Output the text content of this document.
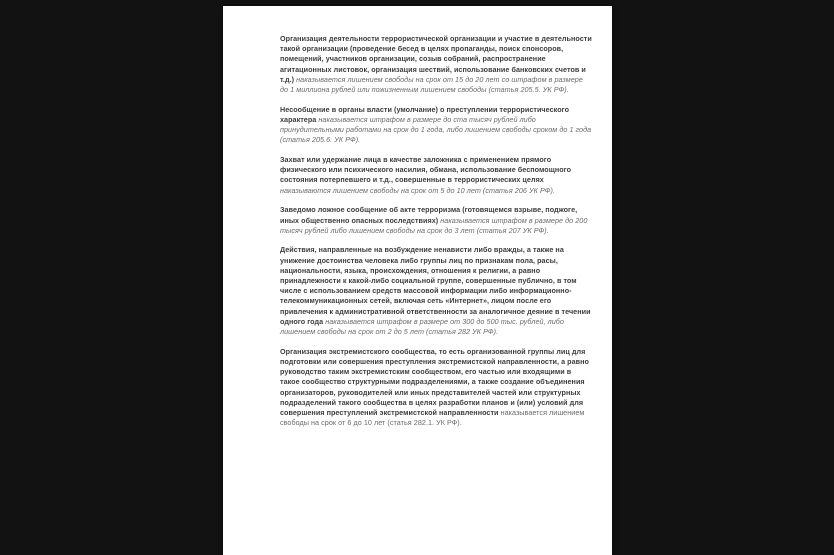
Организация деятельности террористической организации и участие в деятельности такой организации (проведение бесед в целях пропаганды, поиск спонсоров, помещений, участников организации, созыв собраний, распространение агитационных листовок, организация шествий, использование банковских счетов и т.д.) наказывается лишением свободы на срок от 15 до 20 лет со штрафом в размере до 1 миллиона рублей или пожизненным лишением свободы (статья 205.5. УК РФ).

Несообщение в органы власти (умолчание) о преступлении террористического характера наказывается штрафом в размере до ста тысяч рублей либо принудительными работами на срок до 1 года, либо лишением свободы сроком до 1 года (статья 205.6. УК РФ).

Захват или удержание лица в качестве заложника с применением прямого физического или психического насилия, обмана, использование беспомощного состояния потерпевшего и т.д., совершенные в террористических целях наказываются лишением свободы на срок от 5 до 10 лет (статья 206 УК РФ).

Заведомо ложное сообщение об акте терроризма (готовящемся взрыве, поджоге, иных общественно опасных последствиях) наказывается штрафом в размере до 200 тысяч рублей либо лишением свободы на срок до 3 лет (статья 207 УК РФ).

Действия, направленные на возбуждение ненависти либо вражды, а также на унижение достоинства человека либо группы лиц по признакам пола, расы, национальности, языка, происхождения, отношения к религии, а равно принадлежности к какой-либо социальной группе, совершенные публично, в том числе с использованием средств массовой информации либо информационно-телекоммуникационных сетей, включая сеть «Интернет», лицом после его привлечения к административной ответственности за аналогичное деяние в течении одного года наказывается штрафом в размере от 300 до 500 тыс. рублей, либо лишением свободы на срок от 2 до 5 лет (статья 282 УК РФ).

Организация экстремистского сообщества, то есть организованной группы лиц для подготовки или совершения преступления экстремистской направленности, а равно руководство таким экстремистским сообществом, его частью или входящими в такое сообщество структурными подразделениями, а также создание объединения организаторов, руководителей или иных представителей частей или структурных подразделений такого сообщества в целях разработки планов и (или) условий для совершения преступлений экстремистской направленности наказывается лишением свободы на срок от 6 до 10 лет (статья 282.1. УК РФ).
